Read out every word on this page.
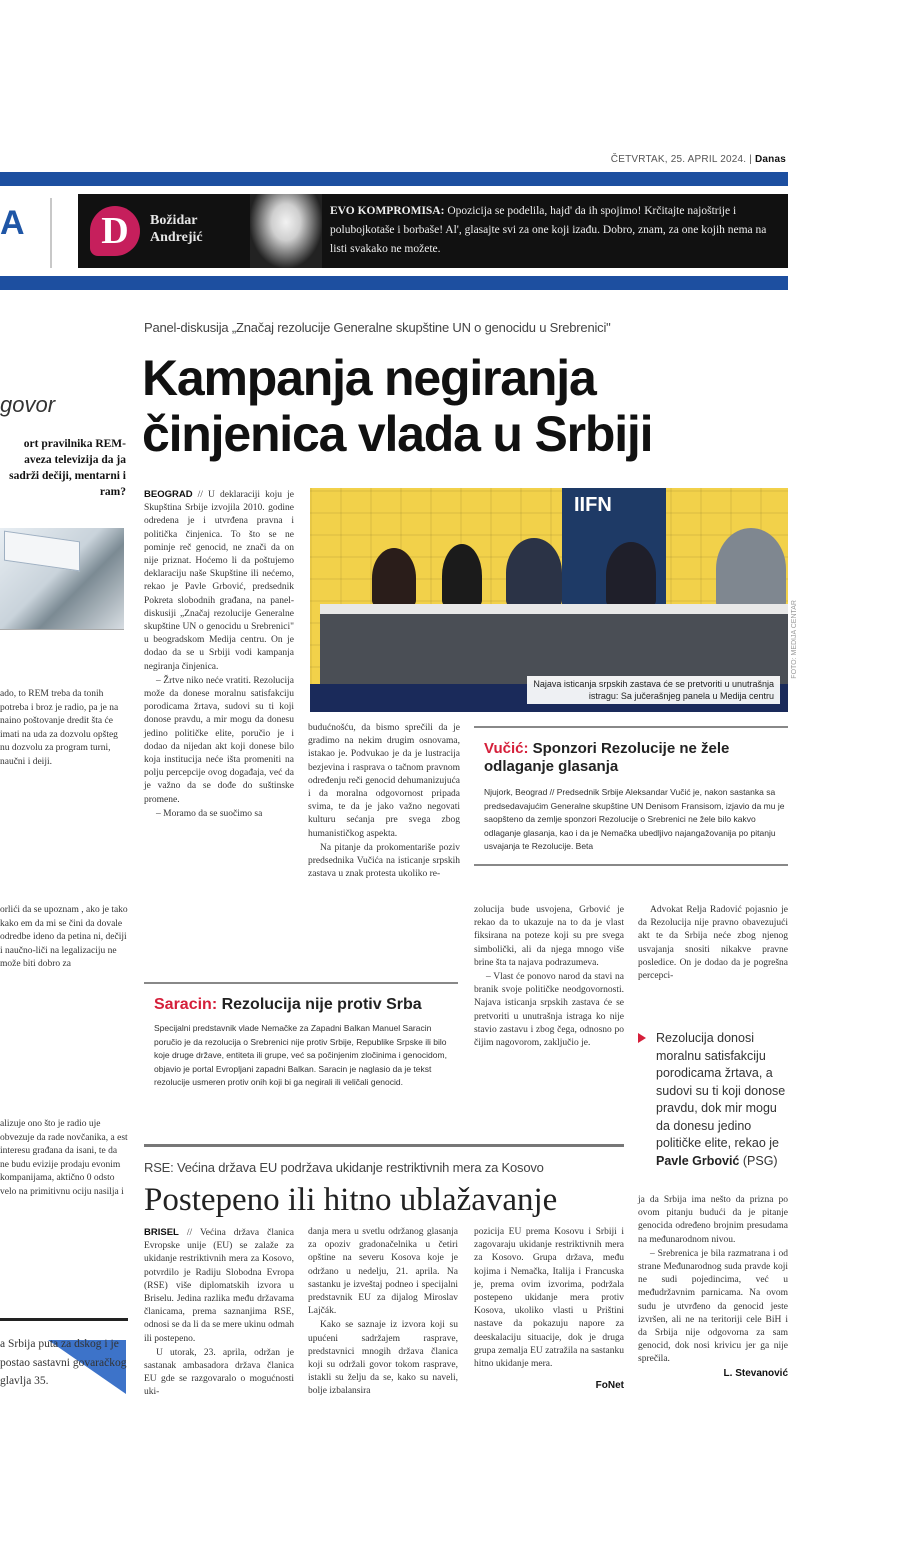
ČETVRTAK, 25. APRIL 2024. | Danas
A D	Božidar
Andrejić
EVO KOMPROMISA: Opozicija se podelila, hajd' da ih spojimo! Krčitajte najoštrije i polubojkotaše i borbaše! Al', glasajte svi za one koji izađu. Dobro, znam, za one kojih nema na listi svakako ne možete.
govor
ort pravilnika REM-aveza televizija da ja sadrži dečiji, mentarni i ram?
ado, to REM treba da tonih potreba i broz je radio, pa je na naino poštovanje dredit šta će imati na uda za dozvolu opšteg nu dozvolu za program turni, naučni i deiji.
orlići da se upoznam , ako je tako kako em da mi se čini da dovale odredbe ideno da petina ni, dečiji i naučno-liči na legalizaciju ne može biti dobro za
alizuje ono što je radio uje obvezuje da rade novčanika, a est interesu građana da isani, te da ne budu evizije prodaju evonim kompanijama, aktično 0 odsto velo na primitivnu ociju nasilja i
a Srbija puta za dskog i je postao sastavni govaračkog glavlja 35.
Panel-diskusija „Značaj rezolucije Generalne skupštine UN o genocidu u Srebrenici"
Kampanja negiranja
činjenica vlada u Srbiji

BEOGRAD // U deklaraciji koju je Skupština Srbije izvojila 2010. godine odredena je i utvrđena pravna i politička činjenica. To što se ne pominje reč genocid, ne znači da on nije priznat. Hoćemo li da poštujemo deklaraciju naše Skupštine ili nećemo, rekao je Pavle Grbović, predsednik Pokreta slobodnih građana, na panel-diskusiji „Značaj rezolucije Generalne skupštine UN o genocidu u Srebrenici" u beogradskom Medija centru. On je dodao da se u Srbiji vodi kampanja negiranja činjenica.

– Žrtve niko neće vratiti. Rezolucija može da donese moralnu satisfakciju porodicama žrtava, sudovi su ti koji donose pravdu, a mir mogu da donesu jedino političke elite, poručio je i dodao da nijedan akt koji donese bilo koja institucija neće išta promeniti na polju percepcije ovog događaja, već da je važno da se dođe do suštinske promene.

– Moramo da se suočimo sa

IIFN
Najava isticanja srpskih zastava će se pretvoriti u unutrašnja
istragu: Sa jučerašnjeg panela u Medija centru
FOTO: MEDIJA CENTAR

budućnošću, da bismo sprečili da je gradimo na nekim drugim osnovama, istakao je. Podvukao je da je lustracija bezjevina i rasprava o tačnom pravnom određenju reči genocid dehumanizujuća i da moralna odgovornost pripada svima, te da je jako važno negovati kulturu sećanja pre svega zbog humanističkog aspekta.

Na pitanje da prokomentariše poziv predsednika Vučića na isticanje srpskih zastava u znak protesta ukoliko re-

Vučić: Sponzori Rezolucije ne žele odlaganje glasanja
Njujork, Beograd // Predsednik Srbije Aleksandar Vučić je, nakon sastanka sa predsedavajućim Generalne skupštine UN Denisom Fransisom, izjavio da mu je saopšteno da zemlje sponzori Rezolucije o Srebrenici ne žele bilo kakvo odlaganje glasanja, kao i da je Nemačka ubedljivo najangažovanija po pitanju usvajanja te Rezolucije. Beta

zolucija bude usvojena, Grbović je rekao da to ukazuje na to da je vlast fiksirana na poteze koji su pre svega simbolički, ali da njega mnogo više brine šta ta najava podrazumeva.

– Vlast će ponovo narod da stavi na branik svoje političke neodgovornosti. Najava isticanja srpskih zastava će se pretvoriti u unutrašnja istraga ko nije stavio zastavu i zbog čega, odnosno po čijim nagovorom, zaključio je.

Advokat Relja Radović pojasnio je da Rezolucija nije pravno obavezujući akt te da Srbija neće zbog njenog usvajanja snositi nikakve pravne posledice. On je dodao da je pogrešna percepci-

Rezolucija donosi moralnu satisfakciju porodicama žrtava, a sudovi su ti koji donose pravdu, dok mir mogu da donesu jedino političke elite, rekao je Pavle Grbović (PSG)
Saracin: Rezolucija nije protiv Srba
Specijalni predstavnik vlade Nemačke za Zapadni Balkan Manuel Saracin poručio je da rezolucija o Srebrenici nije protiv Srbije, Republike Srpske ili bilo koje druge države, entiteta ili grupe, već sa počinjenim zločinima i genocidom, objavio je portal Evropljani zapadni Balkan. Saracin je naglasio da je tekst rezolucije usmeren protiv onih koji bi ga negirali ili veličali genocid.
RSE: Većina država EU podržava ukidanje restriktivnih mera za Kosovo
Postepeno ili hitno ublažavanje

BRISEL // Većina država članica Evropske unije (EU) se zalaže za ukidanje restriktivnih mera za Kosovo, potvrdilo je Radiju Slobodna Evropa (RSE) više diplomatskih izvora u Briselu. Jedina razlika među državama članicama, prema saznanjima RSE, odnosi se da li da se mere ukinu odmah ili postepeno.

U utorak, 23. aprila, održan je sastanak ambasadora država članica EU gde se razgovaralo o mogućnosti uki-

danja mera u svetlu održanog glasanja za opoziv gradonačelnika u četiri opštine na severu Kosova koje je održano u nedelju, 21. aprila. Na sastanku je izveštaj podneo i specijalni predstavnik EU za dijalog Miroslav Lajčák.

Kako se saznaje iz izvora koji su upućeni sadržajem rasprave, predstavnici mnogih država članica koji su održali govor tokom rasprave, istakli su želju da se, kako su naveli, bolje izbalansira

pozicija EU prema Kosovu i Srbiji i zagovaraju ukidanje restriktivnih mera za Kosovo. Grupa država, među kojima i Nemačka, Italija i Francuska je, prema ovim izvorima, podržala postepeno ukidanje mera protiv Kosova, ukoliko vlasti u Prištini nastave da pokazuju napore za deeskalaciju situacije, dok je druga grupa zemalja EU zatražila na sastanku hitno ukidanje mera.

FoNet

ja da Srbija ima nešto da prizna po ovom pitanju budući da je pitanje genocida određeno brojnim presudama na međunarodnom nivou.

– Srebrenica je bila razmatrana i od strane Međunarodnog suda pravde koji ne sudi pojedincima, već u međudržavnim parnicama. Na ovom sudu je utvrđeno da genocid jeste izvršen, ali ne na teritoriji cele BiH i da Srbija nije odgovorna za sam genocid, dok nosi krivicu jer ga nije sprečila.

L. Stevanović
